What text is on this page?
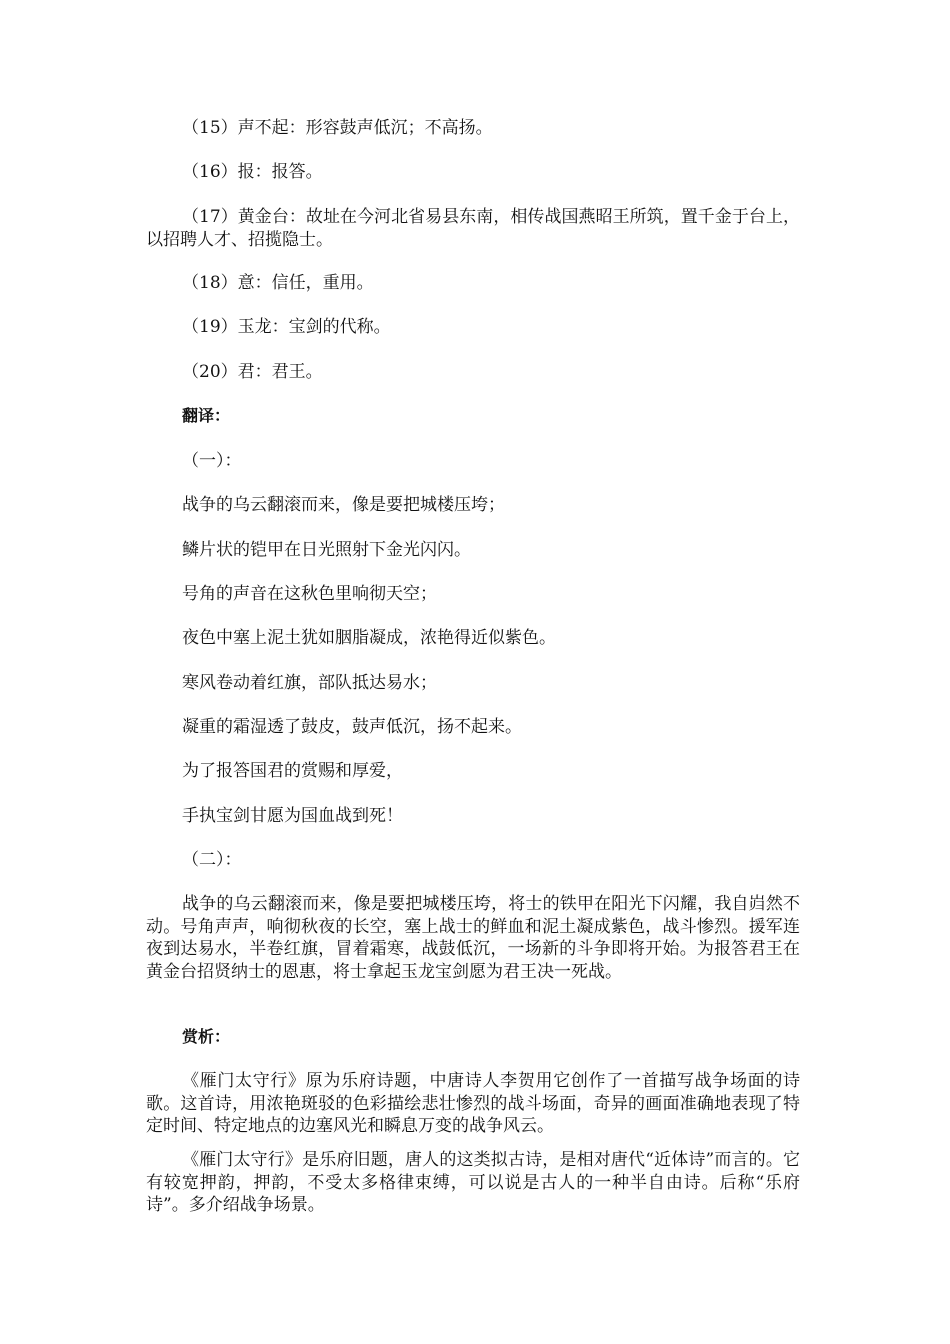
（15）声不起：形容鼓声低沉；不高扬。

（16）报：报答。

（17）黄金台：故址在今河北省易县东南，相传战国燕昭王所筑，置千金于台上，以招聘人才、招揽隐士。

（18）意：信任，重用。

（19）玉龙：宝剑的代称。

（20）君：君王。

翻译：

（一）：

战争的乌云翻滚而来，像是要把城楼压垮；

鳞片状的铠甲在日光照射下金光闪闪。

号角的声音在这秋色里响彻天空；

夜色中塞上泥土犹如胭脂凝成，浓艳得近似紫色。

寒风卷动着红旗，部队抵达易水；

凝重的霜湿透了鼓皮，鼓声低沉，扬不起来。

为了报答国君的赏赐和厚爱，

手执宝剑甘愿为国血战到死！

（二）：

战争的乌云翻滚而来，像是要把城楼压垮，将士的铁甲在阳光下闪耀，我自岿然不动。号角声声，响彻秋夜的长空，塞上战士的鲜血和泥土凝成紫色，战斗惨烈。援军连夜到达易水，半卷红旗，冒着霜寒，战鼓低沉，一场新的斗争即将开始。为报答君王在黄金台招贤纳士的恩惠，将士拿起玉龙宝剑愿为君王决一死战。

赏析：

《雁门太守行》原为乐府诗题，中唐诗人李贺用它创作了一首描写战争场面的诗歌。这首诗，用浓艳斑驳的色彩描绘悲壮惨烈的战斗场面，奇异的画面准确地表现了特定时间、特定地点的边塞风光和瞬息万变的战争风云。

《雁门太守行》是乐府旧题，唐人的这类拟古诗，是相对唐代“近体诗”而言的。它有较宽押韵，押韵，不受太多格律束缚，可以说是古人的一种半自由诗。后称“乐府诗”。多介绍战争场景。
